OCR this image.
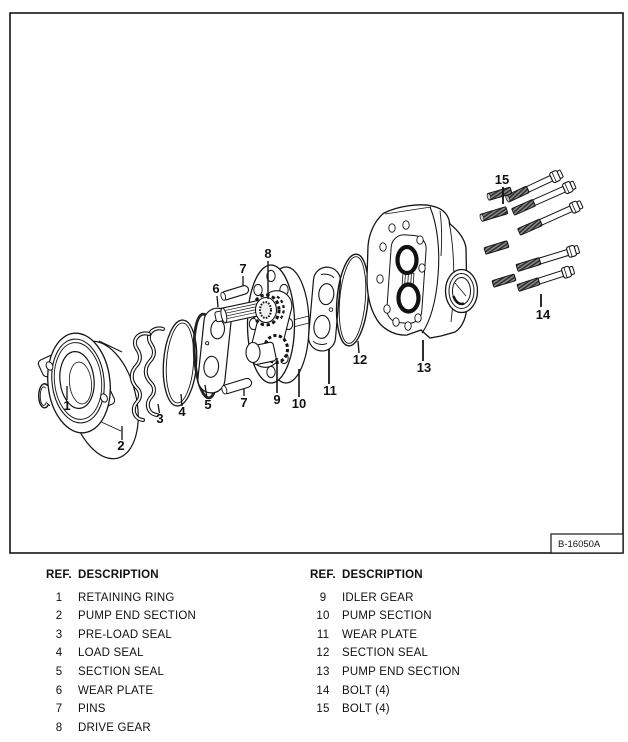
B-16050A
1
2
3 4 5
6
7
7
8
9 10
11
12
13
14
15
REF. DESCRIPTION
1	RETAINING RING
2	PUMP END SECTION
3	PRE-LOAD SEAL
4	LOAD SEAL
5	SECTION SEAL
6	WEAR PLATE
7	PINS
8	DRIVE GEAR
REF. DESCRIPTION
9	IDLER GEAR
10	PUMP SECTION
11	WEAR PLATE
12	SECTION SEAL
13	PUMP END SECTION
14	BOLT (4)
15	BOLT (4)
